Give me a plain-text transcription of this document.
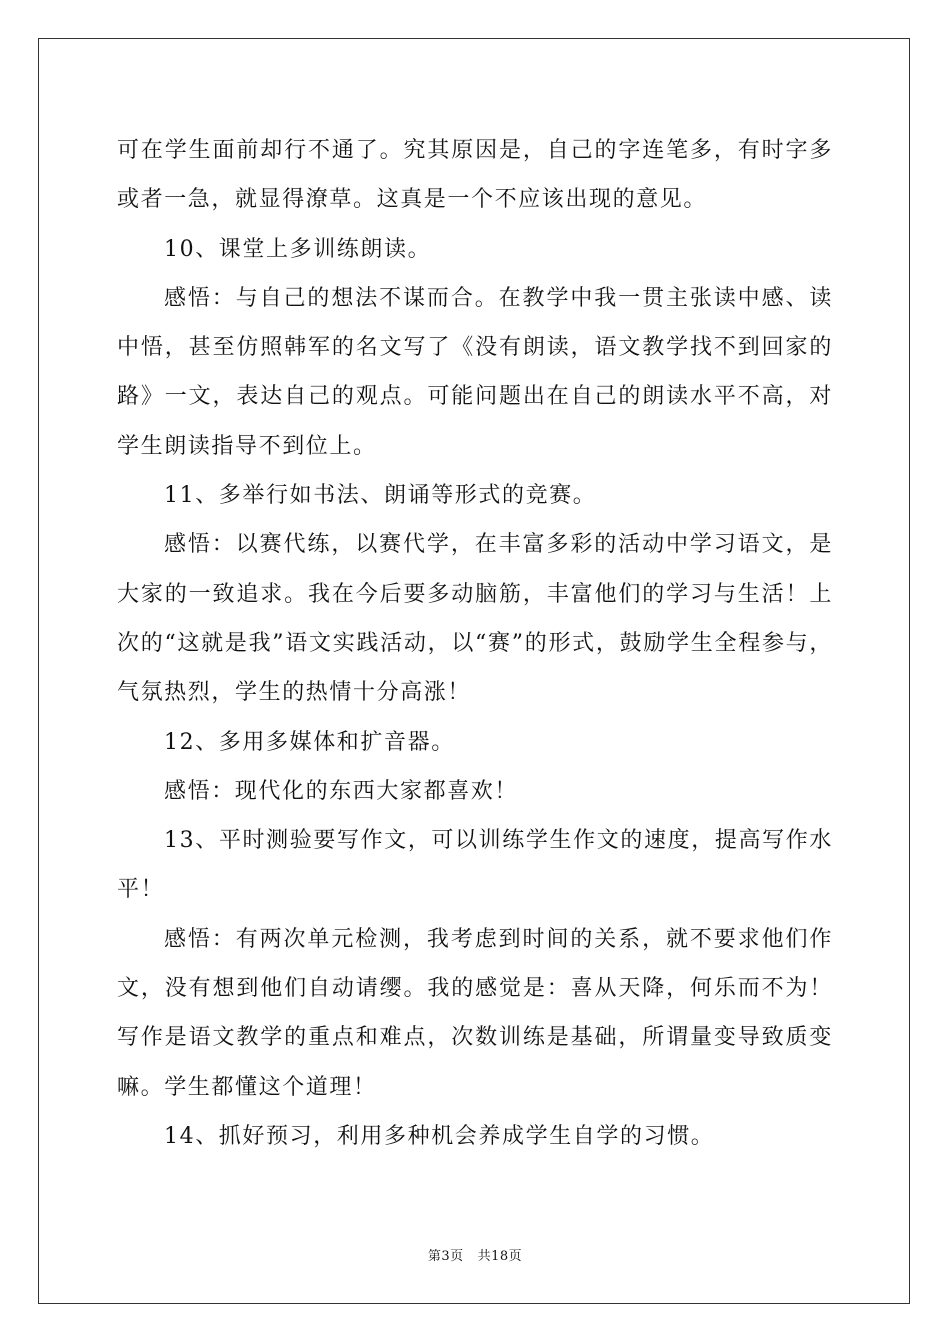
可在学生面前却行不通了。究其原因是，自己的字连笔多，有时字多或者一急，就显得潦草。这真是一个不应该出现的意见。

10、课堂上多训练朗读。

感悟：与自己的想法不谋而合。在教学中我一贯主张读中感、读中悟，甚至仿照韩军的名文写了《没有朗读，语文教学找不到回家的路》一文，表达自己的观点。可能问题出在自己的朗读水平不高，对学生朗读指导不到位上。

11、多举行如书法、朗诵等形式的竞赛。

感悟：以赛代练，以赛代学，在丰富多彩的活动中学习语文，是大家的一致追求。我在今后要多动脑筋，丰富他们的学习与生活！上次的“这就是我”语文实践活动，以“赛”的形式，鼓励学生全程参与，气氛热烈，学生的热情十分高涨！

12、多用多媒体和扩音器。

感悟：现代化的东西大家都喜欢！

13、平时测验要写作文，可以训练学生作文的速度，提高写作水平！

感悟：有两次单元检测，我考虑到时间的关系，就不要求他们作文，没有想到他们自动请缨。我的感觉是：喜从天降，何乐而不为！写作是语文教学的重点和难点，次数训练是基础，所谓量变导致质变嘛。学生都懂这个道理！

14、抓好预习，利用多种机会养成学生自学的习惯。

第3页 共18页
